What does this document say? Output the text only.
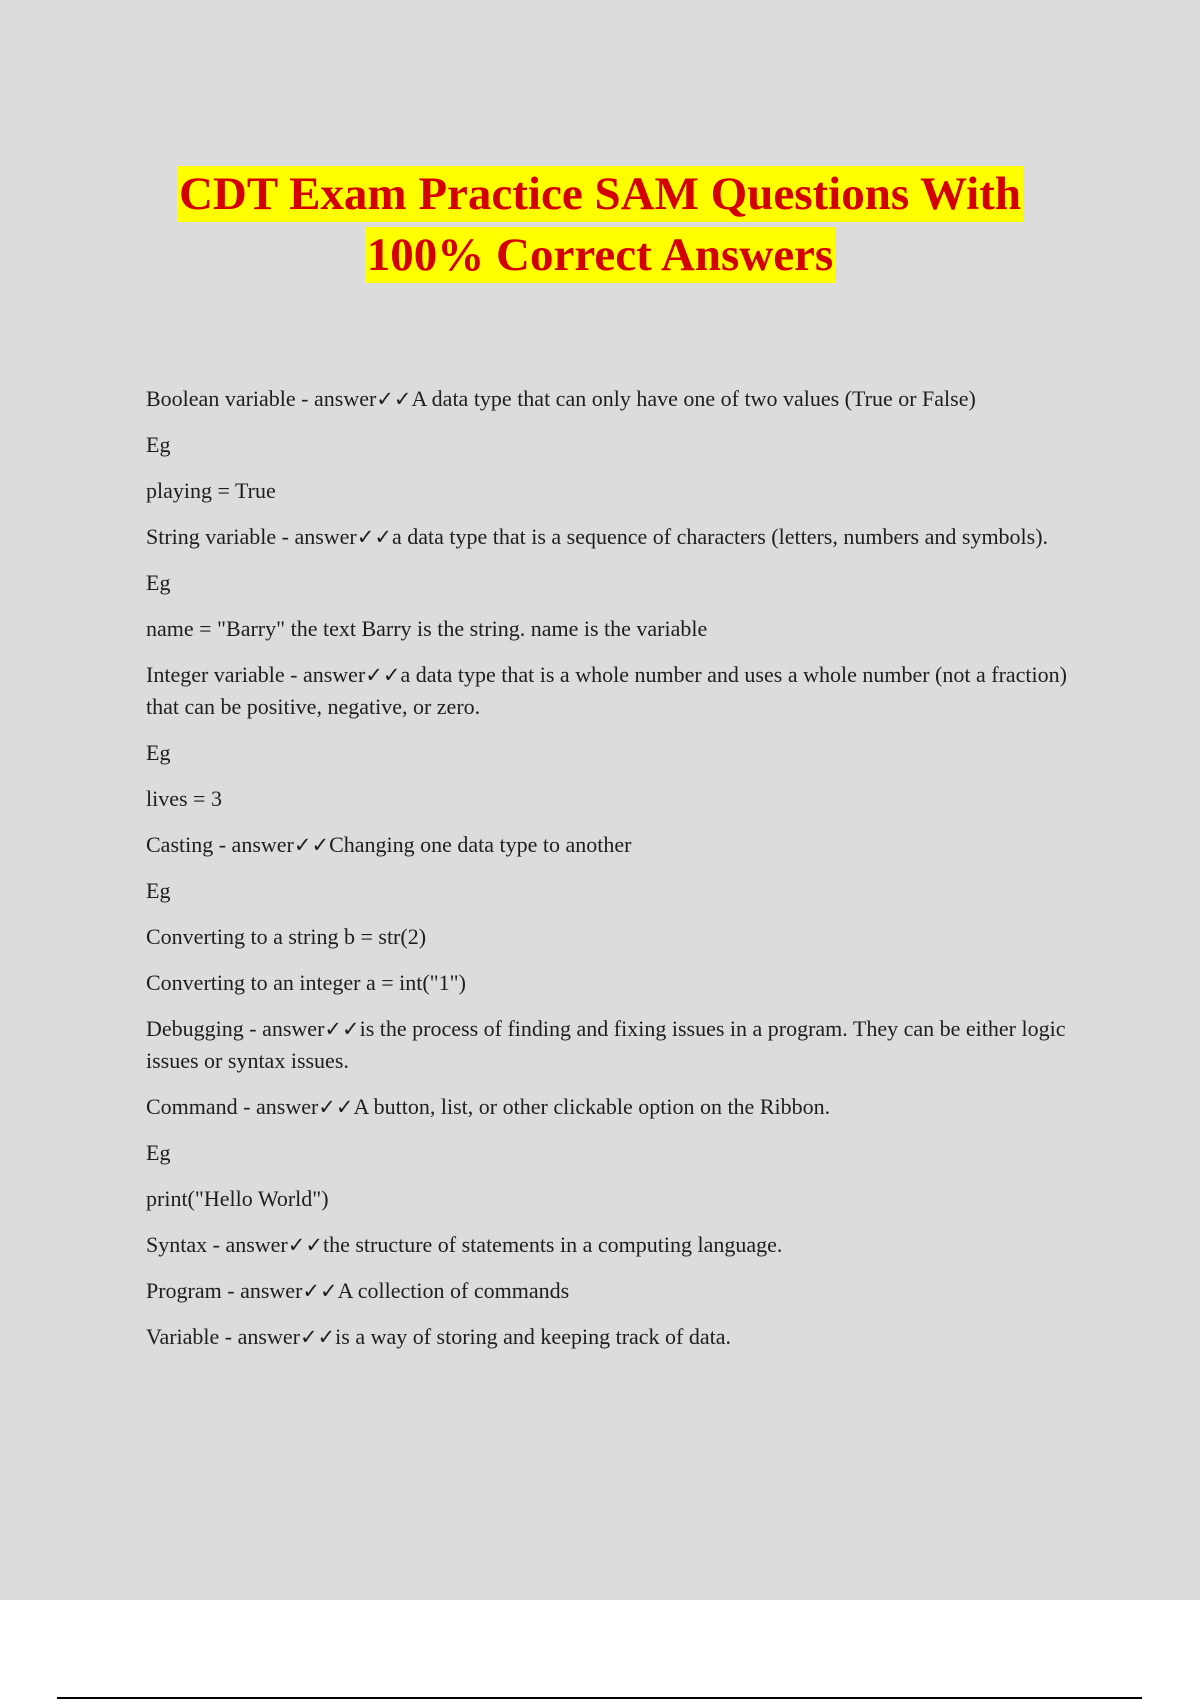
CDT Exam Practice SAM Questions With
100% Correct Answers

Boolean variable - answer✓✓A data type that can only have one of two values (True or False)

Eg

playing = True

String variable - answer✓✓a data type that is a sequence of characters (letters, numbers and symbols).

Eg

name = "Barry" the text Barry is the string. name is the variable

Integer variable - answer✓✓a data type that is a whole number and uses a whole number (not a fraction) that can be positive, negative, or zero.

Eg

lives = 3

Casting - answer✓✓Changing one data type to another

Eg

Converting to a string b = str(2)

Converting to an integer a = int("1")

Debugging - answer✓✓is the process of finding and fixing issues in a program. They can be either logic issues or syntax issues.

Command - answer✓✓A button, list, or other clickable option on the Ribbon.

Eg

print("Hello World")

Syntax - answer✓✓the structure of statements in a computing language.

Program - answer✓✓A collection of commands

Variable - answer✓✓is a way of storing and keeping track of data.
